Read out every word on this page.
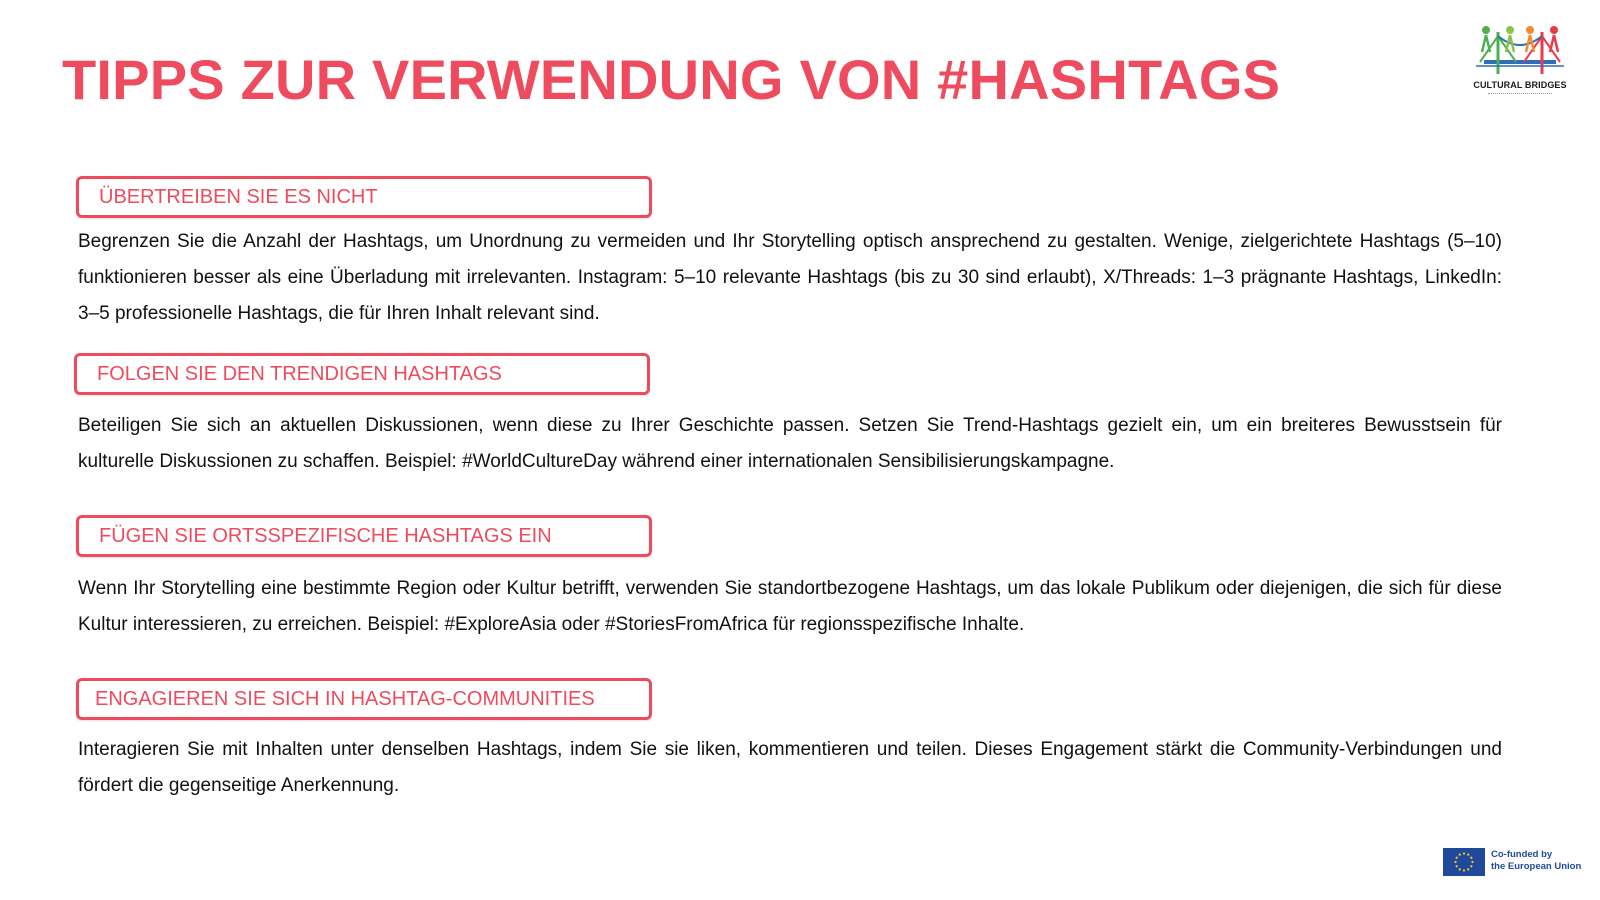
TIPPS ZUR VERWENDUNG VON #HASHTAGS	CULTURAL BRIDGES
ÜBERTREIBEN SIE ES NICHT

Begrenzen Sie die Anzahl der Hashtags, um Unordnung zu vermeiden und Ihr Storytelling optisch ansprechend zu gestalten. Wenige, zielgerichtete Hashtags (5–10) funktionieren besser als eine Überladung mit irrelevanten. Instagram: 5–10 relevante Hashtags (bis zu 30 sind erlaubt), X/Threads: 1–3 prägnante Hashtags, LinkedIn: 3–5 professionelle Hashtags, die für Ihren Inhalt relevant sind.

FOLGEN SIE DEN TRENDIGEN HASHTAGS

Beteiligen Sie sich an aktuellen Diskussionen, wenn diese zu Ihrer Geschichte passen. Setzen Sie Trend-Hashtags gezielt ein, um ein breiteres Bewusstsein für kulturelle Diskussionen zu schaffen. Beispiel: #WorldCultureDay während einer internationalen Sensibilisierungskampagne.

FÜGEN SIE ORTSSPEZIFISCHE HASHTAGS EIN

Wenn Ihr Storytelling eine bestimmte Region oder Kultur betrifft, verwenden Sie standortbezogene Hashtags, um das lokale Publikum oder diejenigen, die sich für diese Kultur interessieren, zu erreichen. Beispiel: #ExploreAsia oder #StoriesFromAfrica für regionsspezifische Inhalte.

ENGAGIEREN SIE SICH IN HASHTAG-COMMUNITIES

Interagieren Sie mit Inhalten unter denselben Hashtags, indem Sie sie liken, kommentieren und teilen. Dieses Engagement stärkt die Community-Verbindungen und fördert die gegenseitige Anerkennung.

Co-funded by
the European Union
